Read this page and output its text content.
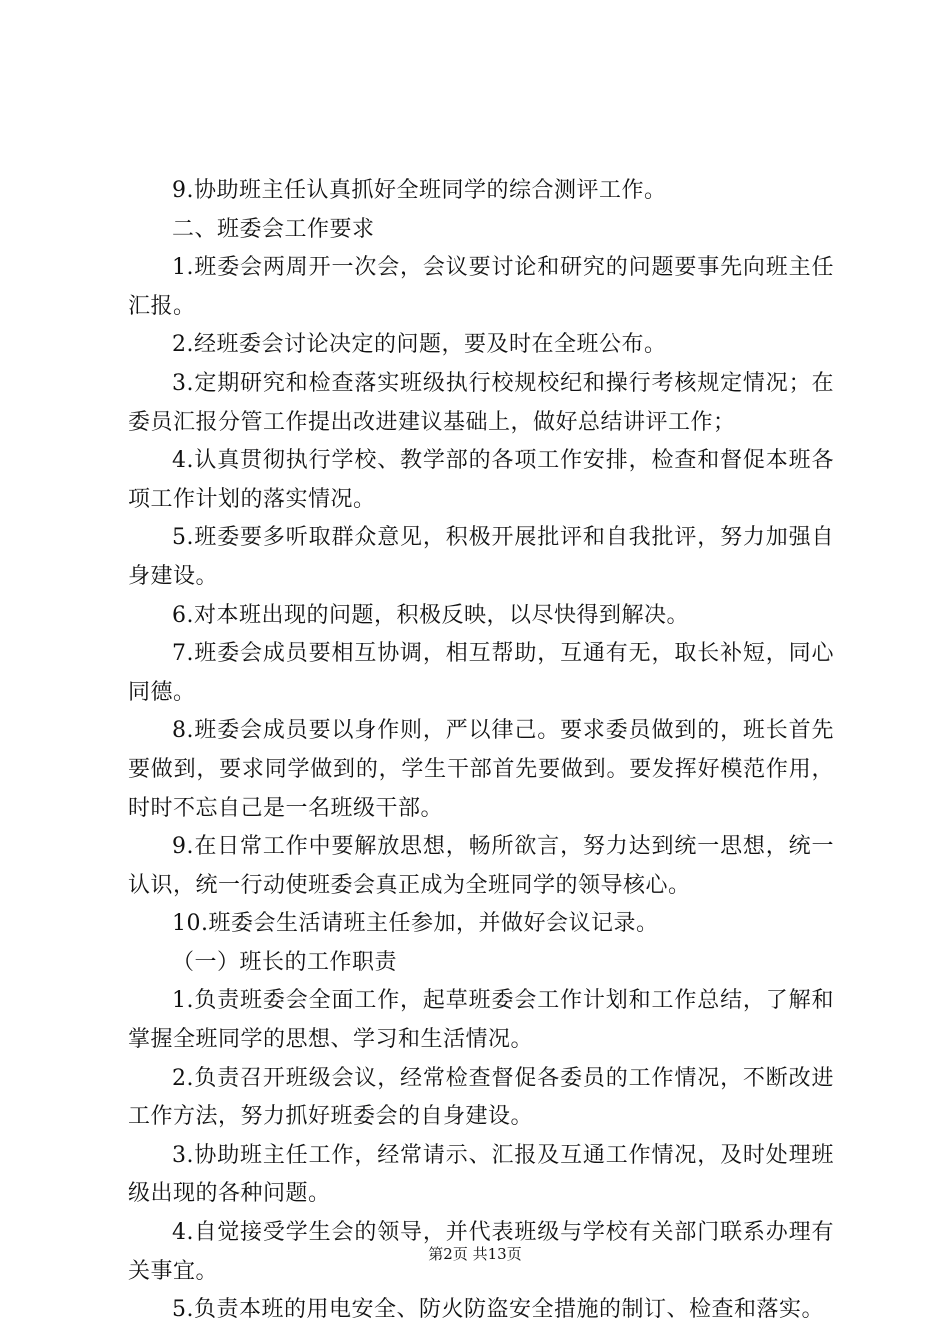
9.协助班主任认真抓好全班同学的综合测评工作。

二、班委会工作要求

1.班委会两周开一次会，会议要讨论和研究的问题要事先向班主任汇报。

2.经班委会讨论决定的问题，要及时在全班公布。

3.定期研究和检查落实班级执行校规校纪和操行考核规定情况；在委员汇报分管工作提出改进建议基础上，做好总结讲评工作；

4.认真贯彻执行学校、教学部的各项工作安排，检查和督促本班各项工作计划的落实情况。

5.班委要多听取群众意见，积极开展批评和自我批评，努力加强自身建设。

6.对本班出现的问题，积极反映，以尽快得到解决。

7.班委会成员要相互协调，相互帮助，互通有无，取长补短，同心同德。

8.班委会成员要以身作则，严以律己。要求委员做到的，班长首先要做到，要求同学做到的，学生干部首先要做到。要发挥好模范作用，时时不忘自己是一名班级干部。

9.在日常工作中要解放思想，畅所欲言，努力达到统一思想，统一认识，统一行动使班委会真正成为全班同学的领导核心。

10.班委会生活请班主任参加，并做好会议记录。

（一）班长的工作职责

1.负责班委会全面工作，起草班委会工作计划和工作总结，了解和掌握全班同学的思想、学习和生活情况。

2.负责召开班级会议，经常检查督促各委员的工作情况，不断改进工作方法，努力抓好班委会的自身建设。

3.协助班主任工作，经常请示、汇报及互通工作情况，及时处理班级出现的各种问题。

4.自觉接受学生会的领导，并代表班级与学校有关部门联系办理有关事宜。

5.负责本班的用电安全、防火防盗安全措施的制订、检查和落实。

第2页 共13页
